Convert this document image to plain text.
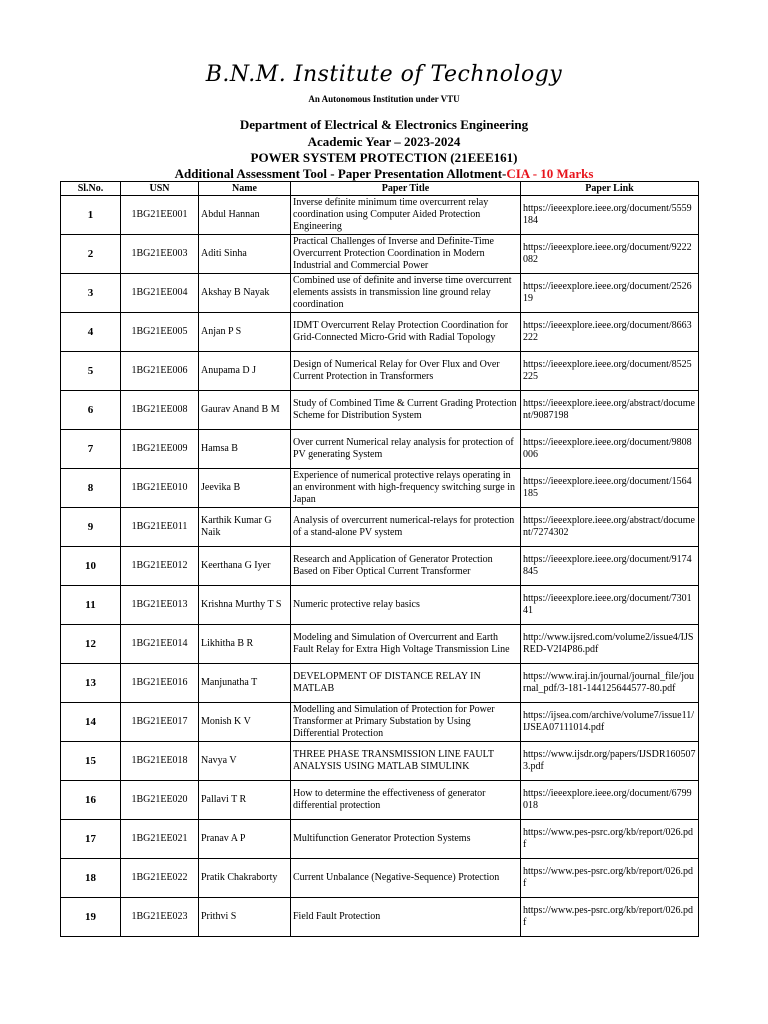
B.N.M. Institute of Technology
An Autonomous Institution under VTU
Department of Electrical & Electronics Engineering
Academic Year – 2023-2024
POWER SYSTEM PROTECTION (21EEE161)
Additional Assessment Tool - Paper Presentation Allotment-CIA - 10 Marks
Sl.No.	USN	Name	Paper Title	Paper Link
1	1BG21EE001	Abdul Hannan	Inverse definite minimum time overcurrent relay coordination using Computer Aided Protection Engineering	https://ieeexplore.ieee.org/document/5559184
2	1BG21EE003	Aditi Sinha	Practical Challenges of Inverse and Definite-Time Overcurrent Protection Coordination in Modern Industrial and Commercial Power	https://ieeexplore.ieee.org/document/9222082
3	1BG21EE004	Akshay B Nayak	Combined use of definite and inverse time overcurrent elements assists in transmission line ground relay coordination	https://ieeexplore.ieee.org/document/252619
4	1BG21EE005	Anjan P S	IDMT Overcurrent Relay Protection Coordination for Grid-Connected Micro-Grid with Radial Topology	https://ieeexplore.ieee.org/document/8663222
5	1BG21EE006	Anupama D J	Design of Numerical Relay for Over Flux and Over Current Protection in Transformers	https://ieeexplore.ieee.org/document/8525225
6	1BG21EE008	Gaurav Anand B M	Study of Combined Time & Current Grading Protection Scheme for Distribution System	https://ieeexplore.ieee.org/abstract/document/9087198
7	1BG21EE009	Hamsa B	Over current Numerical relay analysis for protection of PV generating System	https://ieeexplore.ieee.org/document/9808006
8	1BG21EE010	Jeevika B	Experience of numerical protective relays operating in an environment with high-frequency switching surge in Japan	https://ieeexplore.ieee.org/document/1564185
9	1BG21EE011	Karthik Kumar G Naik	Analysis of overcurrent numerical-relays for protection of a stand-alone PV system	https://ieeexplore.ieee.org/abstract/document/7274302
10	1BG21EE012	Keerthana G Iyer	Research and Application of Generator Protection Based on Fiber Optical Current Transformer	https://ieeexplore.ieee.org/document/9174845
11	1BG21EE013	Krishna Murthy T S	Numeric protective relay basics	https://ieeexplore.ieee.org/document/730141
12	1BG21EE014	Likhitha B R	Modeling and Simulation of Overcurrent and Earth Fault Relay for Extra High Voltage Transmission Line	http://www.ijsred.com/volume2/issue4/IJSRED-V2I4P86.pdf
13	1BG21EE016	Manjunatha T	DEVELOPMENT OF DISTANCE RELAY IN MATLAB	https://www.iraj.in/journal/journal_file/journal_pdf/3-181-144125644577-80.pdf
14	1BG21EE017	Monish K V	Modelling and Simulation of Protection for Power Transformer at Primary Substation by Using Differential Protection	https://ijsea.com/archive/volume7/issue11/IJSEA07111014.pdf
15	1BG21EE018	Navya V	THREE PHASE TRANSMISSION LINE FAULT ANALYSIS USING MATLAB SIMULINK	https://www.ijsdr.org/papers/IJSDR1605073.pdf
16	1BG21EE020	Pallavi T R	How to determine the effectiveness of generator differential protection	https://ieeexplore.ieee.org/document/6799018
17	1BG21EE021	Pranav A P	Multifunction Generator Protection Systems	https://www.pes-psrc.org/kb/report/026.pdf
18	1BG21EE022	Pratik Chakraborty	Current Unbalance (Negative-Sequence) Protection	https://www.pes-psrc.org/kb/report/026.pdf
19	1BG21EE023	Prithvi S	Field Fault Protection	https://www.pes-psrc.org/kb/report/026.pdf
